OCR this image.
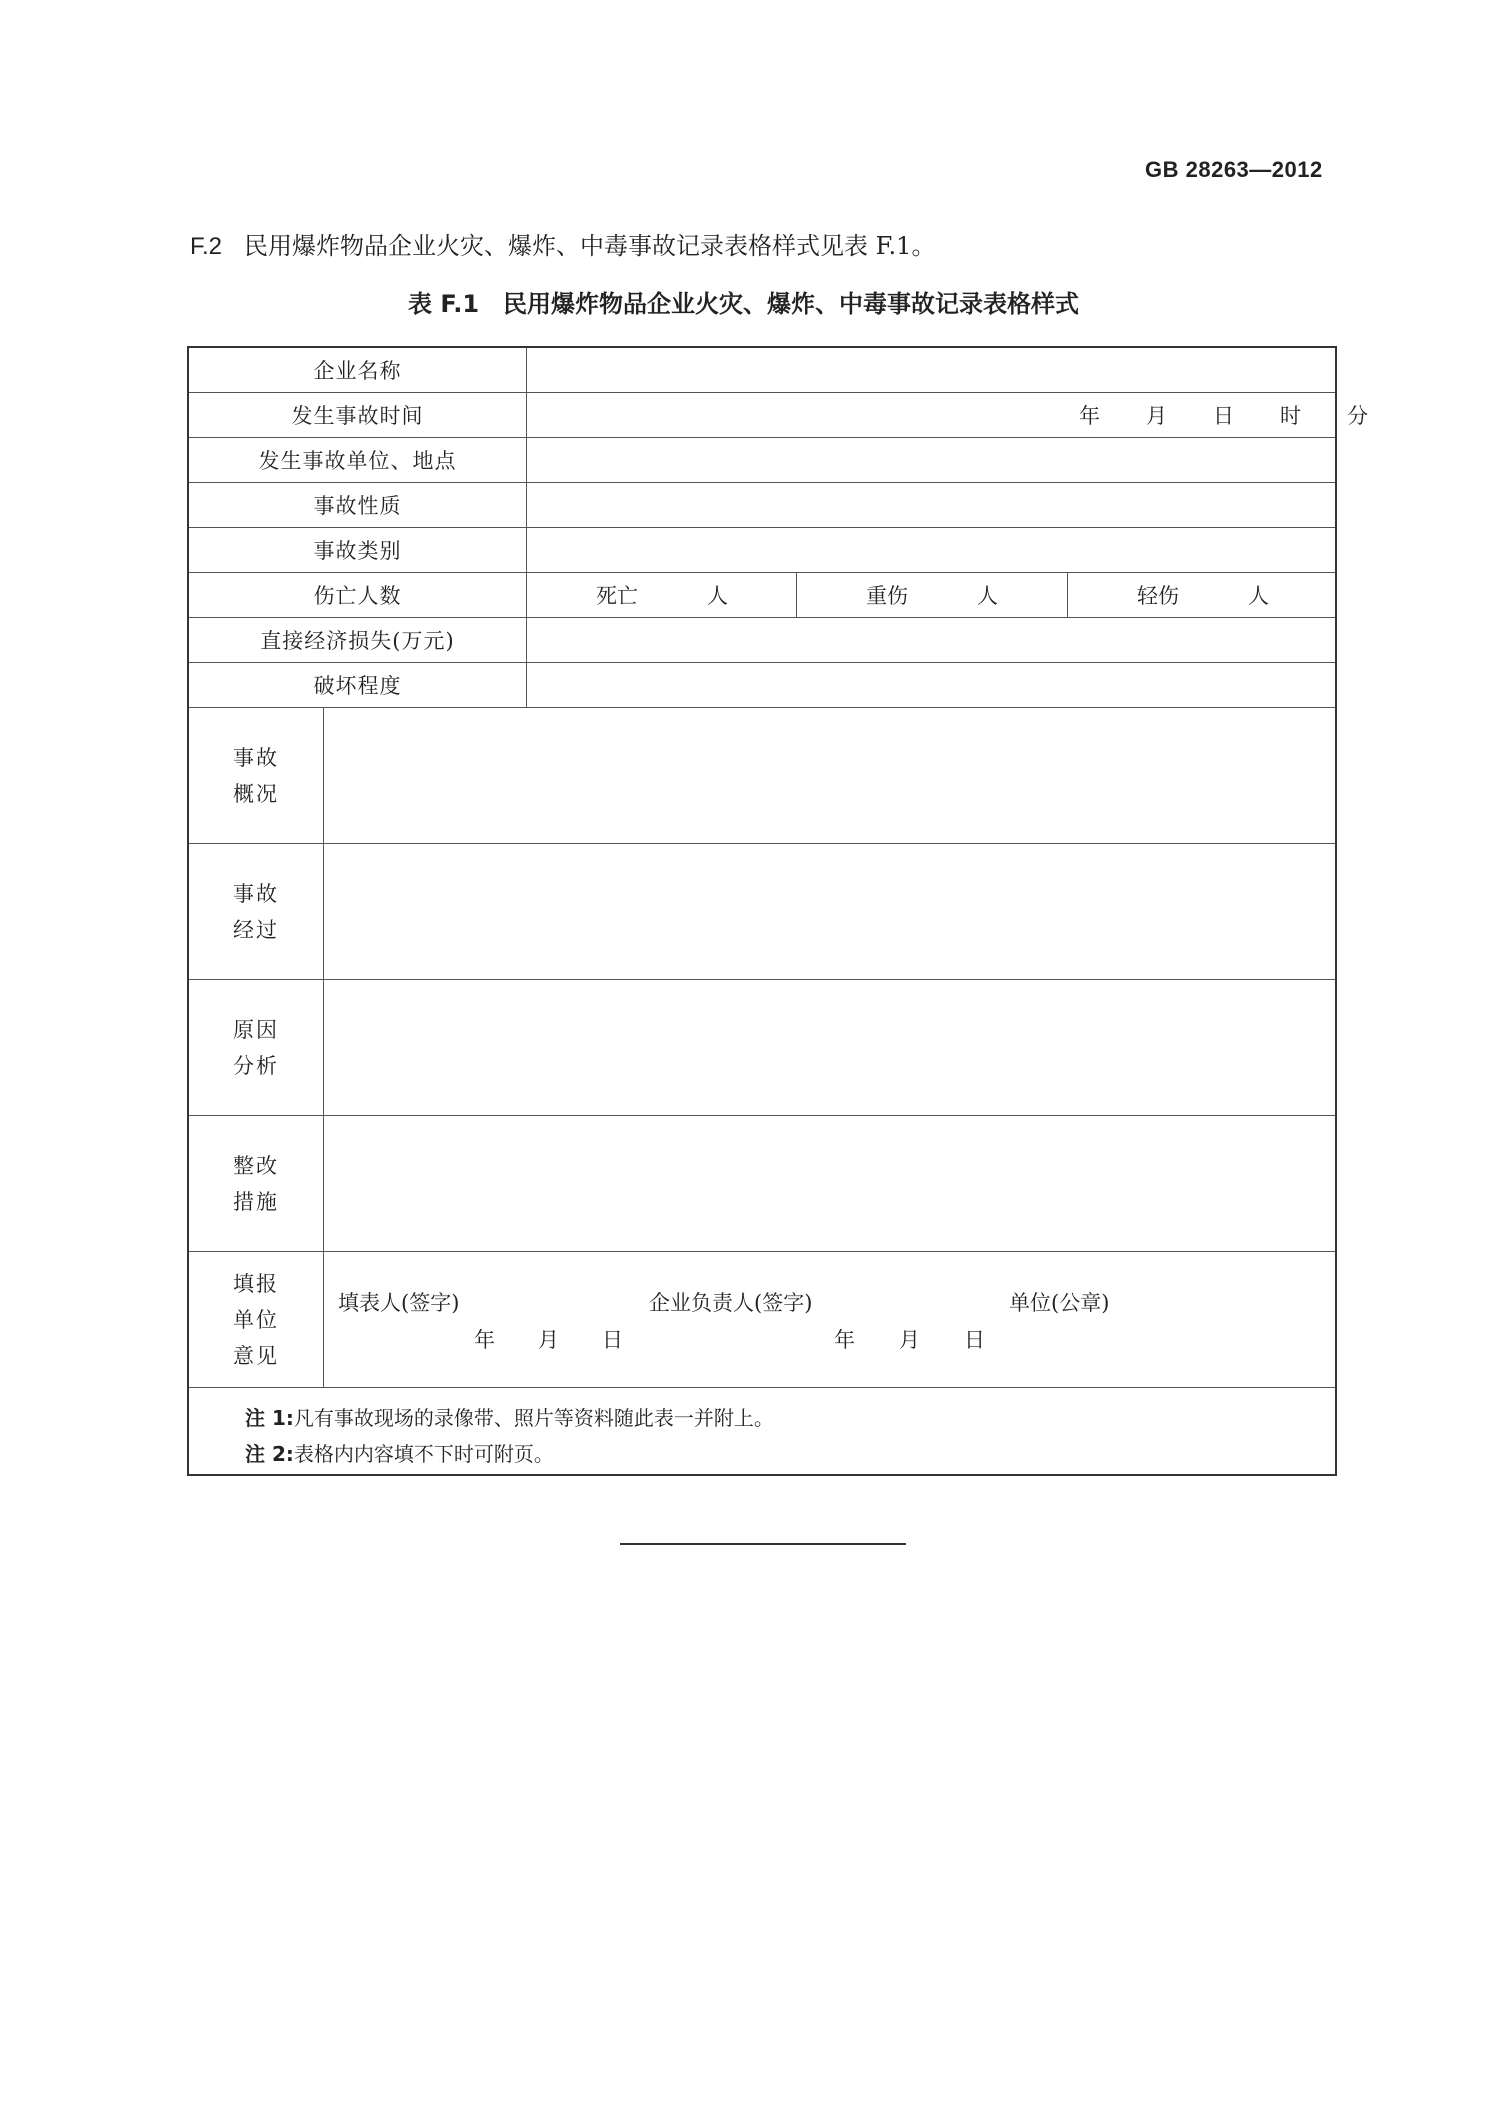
GB 28263—2012
F.2 民用爆炸物品企业火灾、爆炸、中毒事故记录表格样式见表 F.1。
表 F.1 民用爆炸物品企业火灾、爆炸、中毒事故记录表格样式
企业名称
发生事故时间	年 月 日 时 分
发生事故单位、地点
事故性质
事故类别
伤亡人数	死亡	人	重伤	人	轻伤	人
直接经济损失(万元)
破坏程度
事故
概况
事故
经过
原因
分析
整改
措施
填报
单位
意见
填表人(签字)	企业负责人(签字)	单位(公章)
年 月 日	年 月 日
注 1:凡有事故现场的录像带、照片等资料随此表一并附上。
注 2:表格内内容填不下时可附页。
